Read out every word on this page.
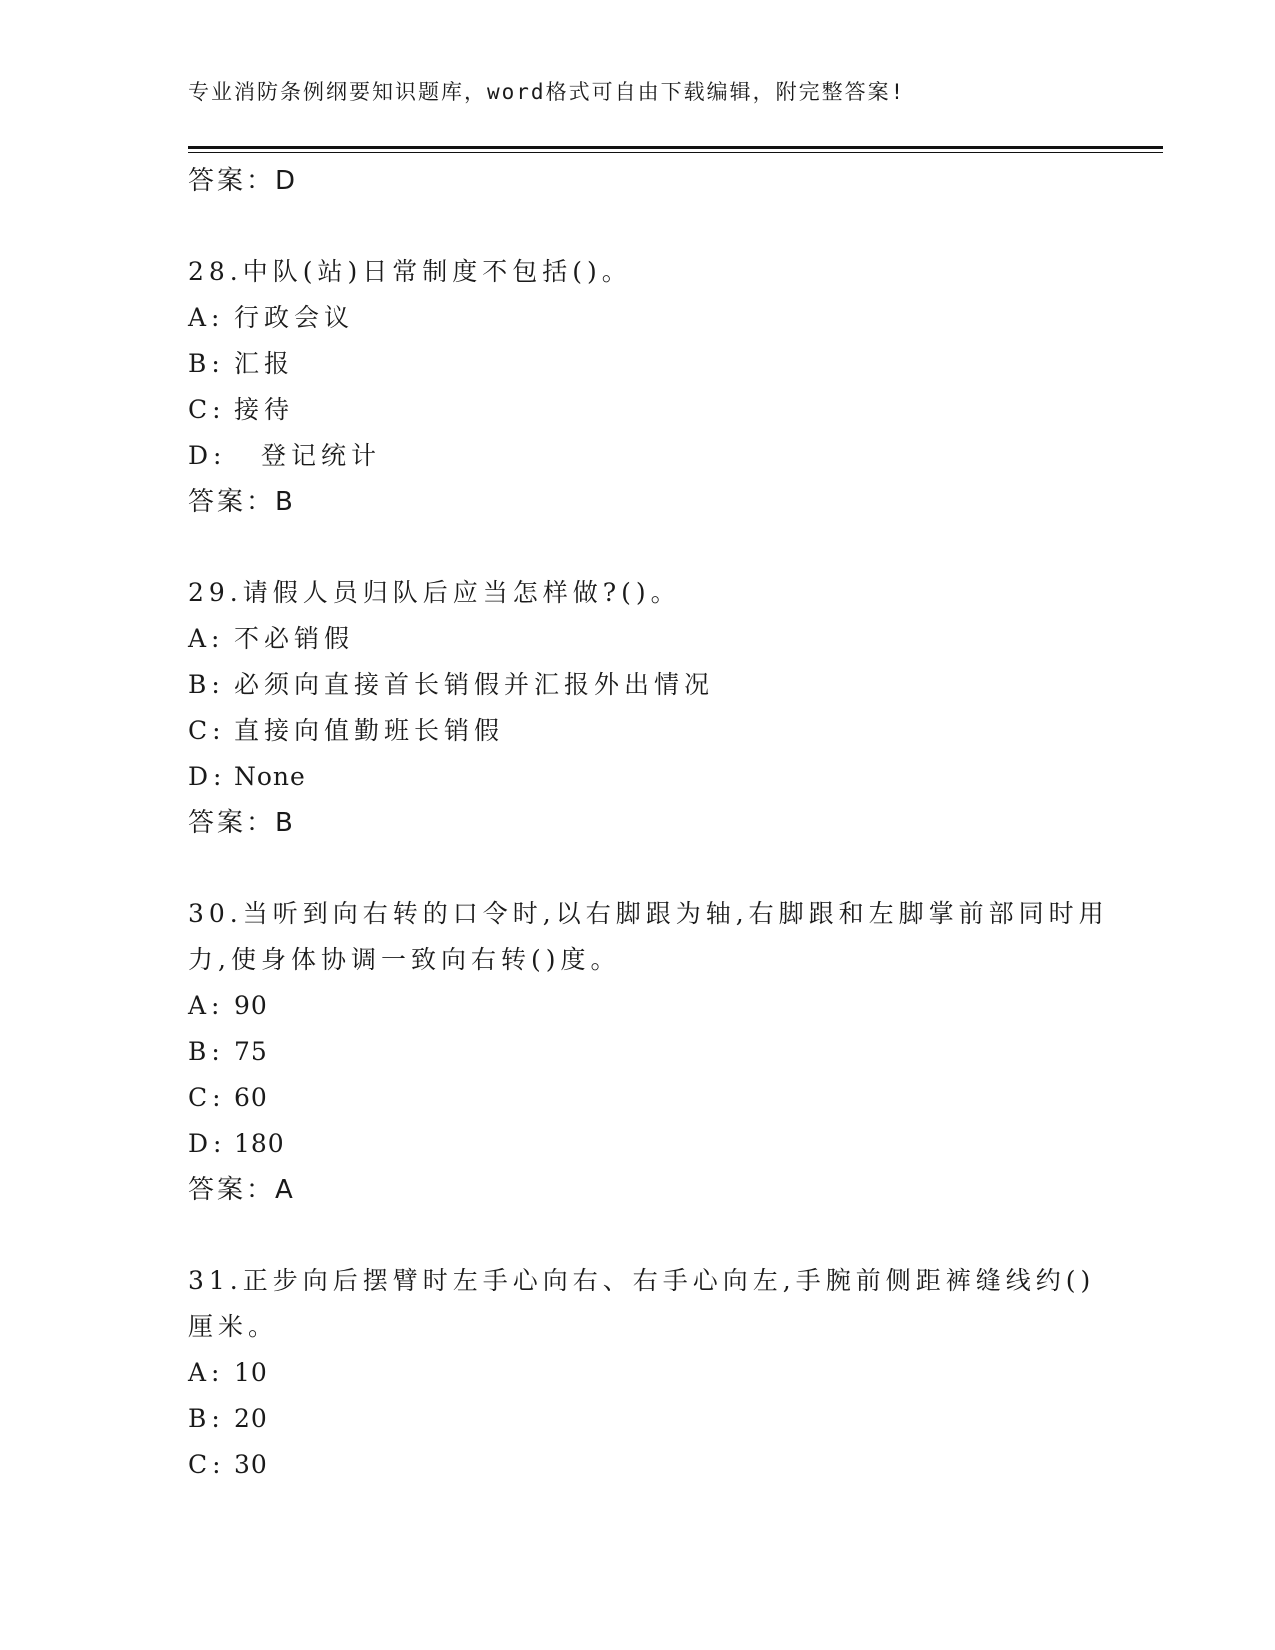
专业消防条例纲要知识题库，word格式可自由下载编辑，附完整答案!
答案：D
28.中队(站)日常制度不包括()。
A: 行政会议
B: 汇报
C: 接待
D: 登记统计
答案：B
29.请假人员归队后应当怎样做?()。
A: 不必销假
B: 必须向直接首长销假并汇报外出情况
C: 直接向值勤班长销假
D: None
答案：B
30.当听到向右转的口令时,以右脚跟为轴,右脚跟和左脚掌前部同时用
力,使身体协调一致向右转()度。
A: 90
B: 75
C: 60
D: 180
答案：A
31.正步向后摆臂时左手心向右、右手心向左,手腕前侧距裤缝线约()
厘米。
A: 10
B: 20
C: 30
